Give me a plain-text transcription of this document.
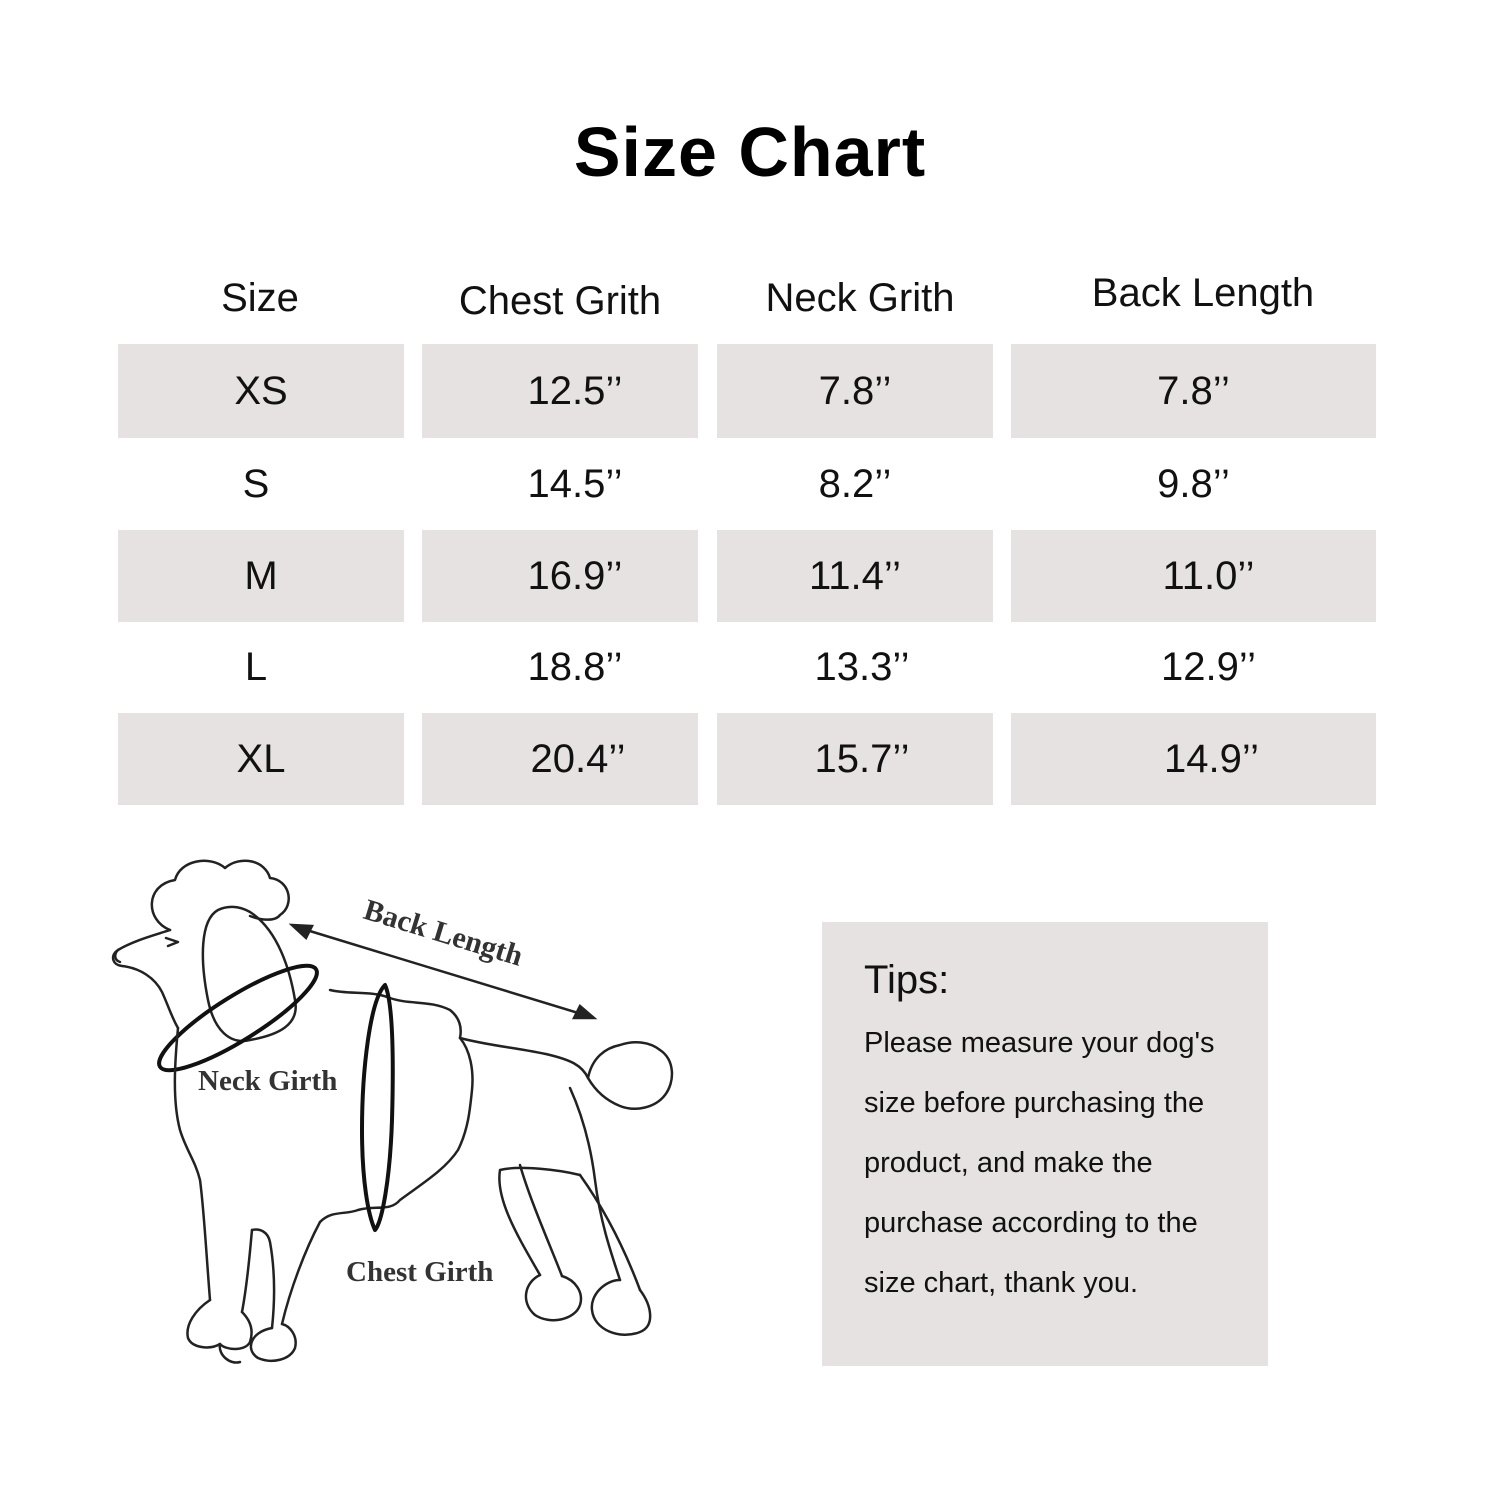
Size Chart
Size	Chest Grith	Neck Grith	Back Length
XS	12.5’’	7.8’’	7.8’’
S	14.5’’	8.2’’	9.8’’
M	16.9’’	11.4’’	11.0’’
L	18.8’’	13.3’’	12.9’’
XL	20.4’’	15.7’’	14.9’’
Back Length
Neck Girth
Chest Girth
Tips:
Please measure your dog's
size before purchasing the
product, and make the
purchase according to the
size chart, thank you.
